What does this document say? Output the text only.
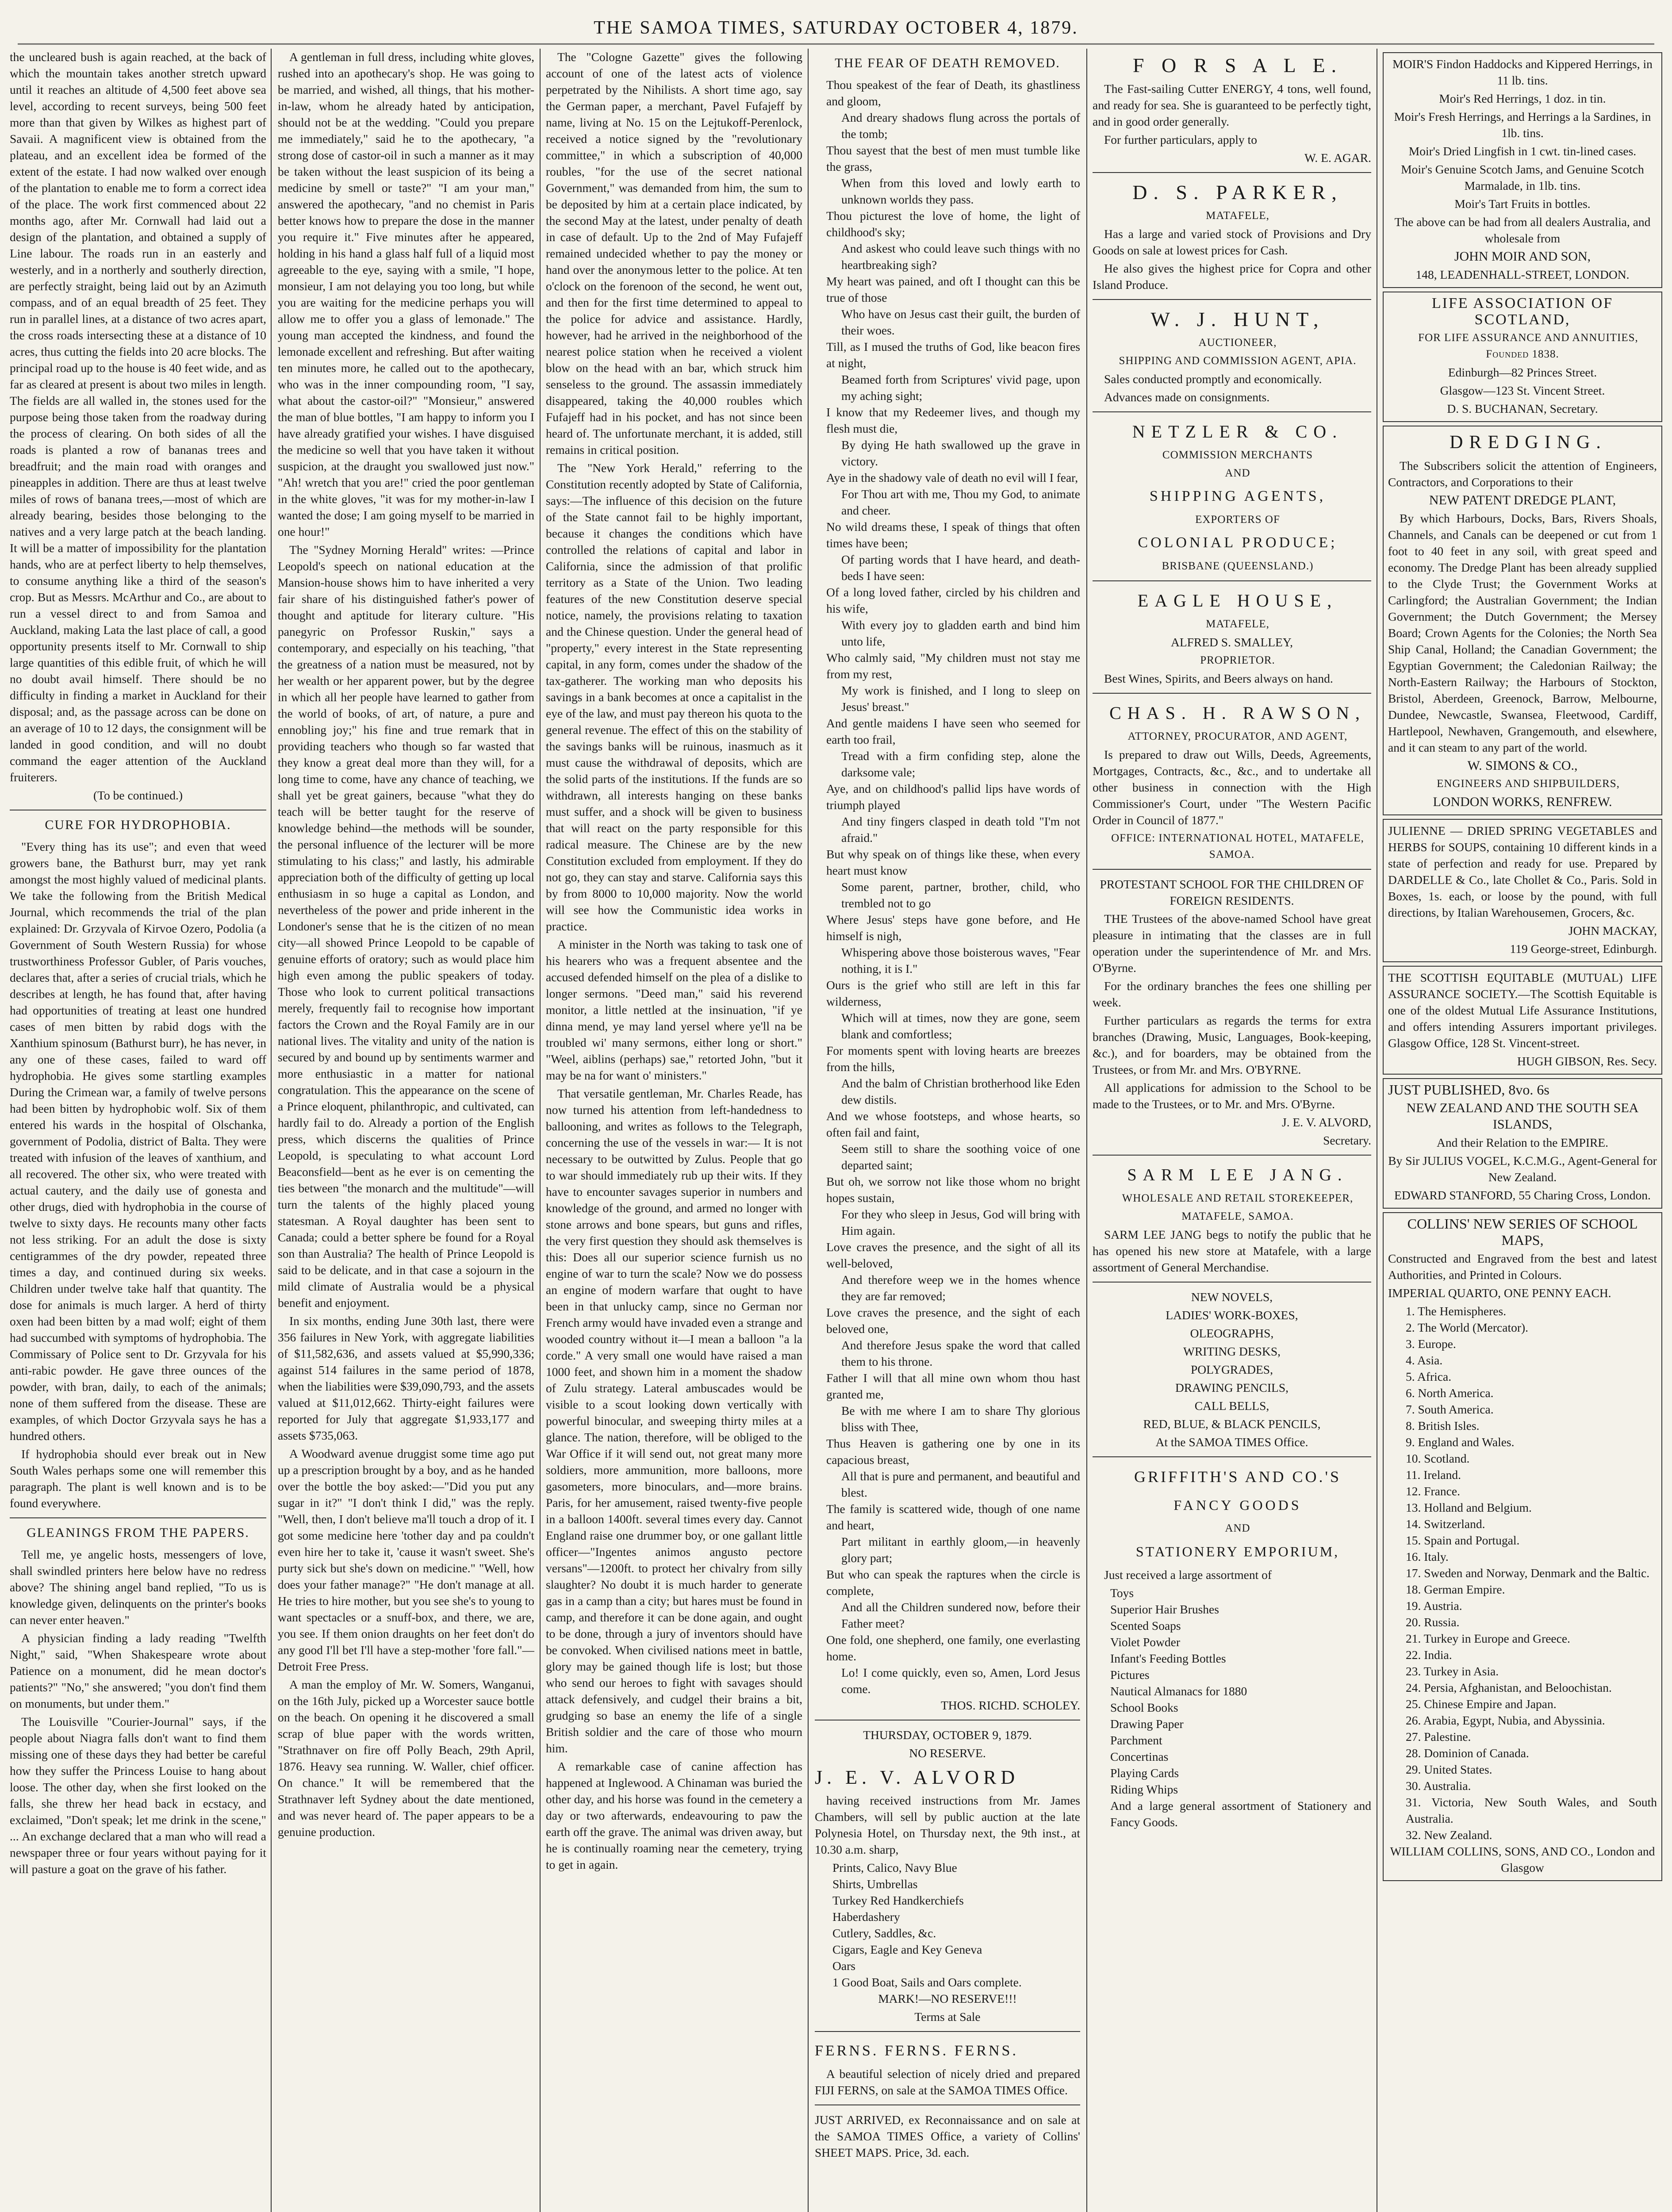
THE SAMOA TIMES, SATURDAY OCTOBER 4, 1879.

the uncleared bush is again reached, at the back of which the mountain takes another stretch upward until it reaches an altitude of 4,500 feet above sea level, according to recent surveys, being 500 feet more than that given by Wilkes as highest part of Savaii. A magnificent view is obtained from the plateau, and an excellent idea be formed of the extent of the estate. I had now walked over enough of the plantation to enable me to form a correct idea of the place. The work first commenced about 22 months ago, after Mr. Cornwall had laid out a design of the plantation, and obtained a supply of Line labour. The roads run in an easterly and westerly, and in a northerly and southerly direction, are perfectly straight, being laid out by an Azimuth compass, and of an equal breadth of 25 feet. They run in parallel lines, at a distance of two acres apart, the cross roads intersecting these at a distance of 10 acres, thus cutting the fields into 20 acre blocks. The principal road up to the house is 40 feet wide, and as far as cleared at present is about two miles in length. The fields are all walled in, the stones used for the purpose being those taken from the roadway during the process of clearing. On both sides of all the roads is planted a row of bananas trees and breadfruit; and the main road with oranges and pineapples in addition. There are thus at least twelve miles of rows of banana trees,—most of which are already bearing, besides those belonging to the natives and a very large patch at the beach landing. It will be a matter of impossibility for the plantation hands, who are at perfect liberty to help themselves, to consume anything like a third of the season's crop. But as Messrs. McArthur and Co., are about to run a vessel direct to and from Samoa and Auckland, making Lata the last place of call, a good opportunity presents itself to Mr. Cornwall to ship large quantities of this edible fruit, of which he will no doubt avail himself. There should be no difficulty in finding a market in Auckland for their disposal; and, as the passage across can be done on an average of 10 to 12 days, the consignment will be landed in good condition, and will no doubt command the eager attention of the Auckland fruiterers.

(To be continued.)

CURE FOR HYDROPHOBIA.

"Every thing has its use"; and even that weed growers bane, the Bathurst burr, may yet rank amongst the most highly valued of medicinal plants. We take the following from the British Medical Journal, which recommends the trial of the plan explained: Dr. Grzyvala of Kirvoe Ozero, Podolia (a Government of South Western Russia) for whose trustworthiness Professor Gubler, of Paris vouches, declares that, after a series of crucial trials, which he describes at length, he has found that, after having had opportunities of treating at least one hundred cases of men bitten by rabid dogs with the Xanthium spinosum (Bathurst burr), he has never, in any one of these cases, failed to ward off hydrophobia. He gives some startling examples During the Crimean war, a family of twelve persons had been bitten by hydrophobic wolf. Six of them entered his wards in the hospital of Olschanka, government of Podolia, district of Balta. They were treated with infusion of the leaves of xanthium, and all recovered. The other six, who were treated with actual cautery, and the daily use of gonesta and other drugs, died with hydrophobia in the course of twelve to sixty days. He recounts many other facts not less striking. For an adult the dose is sixty centigrammes of the dry powder, repeated three times a day, and continued during six weeks. Children under twelve take half that quantity. The dose for animals is much larger. A herd of thirty oxen had been bitten by a mad wolf; eight of them had succumbed with symptoms of hydrophobia. The Commissary of Police sent to Dr. Grzyvala for his anti-rabic powder. He gave three ounces of the powder, with bran, daily, to each of the animals; none of them suffered from the disease. These are examples, of which Doctor Grzyvala says he has a hundred others.

If hydrophobia should ever break out in New South Wales perhaps some one will remember this paragraph. The plant is well known and is to be found everywhere.

GLEANINGS FROM THE PAPERS.

Tell me, ye angelic hosts, messengers of love, shall swindled printers here below have no redress above? The shining angel band replied, "To us is knowledge given, delinquents on the printer's books can never enter heaven."

A physician finding a lady reading "Twelfth Night," said, "When Shakespeare wrote about Patience on a monument, did he mean doctor's patients?" "No," she answered; "you don't find them on monuments, but under them."

The Louisville "Courier-Journal" says, if the people about Niagra falls don't want to find them missing one of these days they had better be careful how they suffer the Princess Louise to hang about loose. The other day, when she first looked on the falls, she threw her head back in ecstacy, and exclaimed, "Don't speak; let me drink in the scene," ... An exchange declared that a man who will read a newspaper three or four years without paying for it will pasture a goat on the grave of his father.

A gentleman in full dress, including white gloves, rushed into an apothecary's shop. He was going to be married, and wished, all things, that his mother-in-law, whom he already hated by anticipation, should not be at the wedding. "Could you prepare me immediately," said he to the apothecary, "a strong dose of castor-oil in such a manner as it may be taken without the least suspicion of its being a medicine by smell or taste?" "I am your man," answered the apothecary, "and no chemist in Paris better knows how to prepare the dose in the manner you require it." Five minutes after he appeared, holding in his hand a glass half full of a liquid most agreeable to the eye, saying with a smile, "I hope, monsieur, I am not delaying you too long, but while you are waiting for the medicine perhaps you will allow me to offer you a glass of lemonade." The young man accepted the kindness, and found the lemonade excellent and refreshing. But after waiting ten minutes more, he called out to the apothecary, who was in the inner compounding room, "I say, what about the castor-oil?" "Monsieur," answered the man of blue bottles, "I am happy to inform you I have already gratified your wishes. I have disguised the medicine so well that you have taken it without suspicion, at the draught you swallowed just now." "Ah! wretch that you are!" cried the poor gentleman in the white gloves, "it was for my mother-in-law I wanted the dose; I am going myself to be married in one hour!"

The "Sydney Morning Herald" writes: —Prince Leopold's speech on national education at the Mansion-house shows him to have inherited a very fair share of his distinguished father's power of thought and aptitude for literary culture. "His panegyric on Professor Ruskin," says a contemporary, and especially on his teaching, "that the greatness of a nation must be measured, not by her wealth or her apparent power, but by the degree in which all her people have learned to gather from the world of books, of art, of nature, a pure and ennobling joy;" his fine and true remark that in providing teachers who though so far wasted that they know a great deal more than they will, for a long time to come, have any chance of teaching, we shall yet be great gainers, because "what they do teach will be better taught for the reserve of knowledge behind—the methods will be sounder, the personal influence of the lecturer will be more stimulating to his class;" and lastly, his admirable appreciation both of the difficulty of getting up local enthusiasm in so huge a capital as London, and nevertheless of the power and pride inherent in the Londoner's sense that he is the citizen of no mean city—all showed Prince Leopold to be capable of genuine efforts of oratory; such as would place him high even among the public speakers of today. Those who look to current political transactions merely, frequently fail to recognise how important factors the Crown and the Royal Family are in our national lives. The vitality and unity of the nation is secured by and bound up by sentiments warmer and more enthusiastic in a matter for national congratulation. This the appearance on the scene of a Prince eloquent, philanthropic, and cultivated, can hardly fail to do. Already a portion of the English press, which discerns the qualities of Prince Leopold, is speculating to what account Lord Beaconsfield—bent as he ever is on cementing the ties between "the monarch and the multitude"—will turn the talents of the highly placed young statesman. A Royal daughter has been sent to Canada; could a better sphere be found for a Royal son than Australia? The health of Prince Leopold is said to be delicate, and in that case a sojourn in the mild climate of Australia would be a physical benefit and enjoyment.

In six months, ending June 30th last, there were 356 failures in New York, with aggregate liabilities of $11,582,636, and assets valued at $5,990,336; against 514 failures in the same period of 1878, when the liabilities were $39,090,793, and the assets valued at $11,012,662. Thirty-eight failures were reported for July that aggregate $1,933,177 and assets $735,063.

A Woodward avenue druggist some time ago put up a prescription brought by a boy, and as he handed over the bottle the boy asked:—"Did you put any sugar in it?" "I don't think I did," was the reply. "Well, then, I don't believe ma'll touch a drop of it. I got some medicine here 'tother day and pa couldn't even hire her to take it, 'cause it wasn't sweet. She's purty sick but she's down on medicine." "Well, how does your father manage?" "He don't manage at all. He tries to hire mother, but you see she's to young to want spectacles or a snuff-box, and there, we are, you see. If them onion draughts on her feet don't do any good I'll bet I'll have a step-mother 'fore fall."—Detroit Free Press.

A man the employ of Mr. W. Somers, Wanganui, on the 16th July, picked up a Worcester sauce bottle on the beach. On opening it he discovered a small scrap of blue paper with the words written, "Strathnaver on fire off Polly Beach, 29th April, 1876. Heavy sea running. W. Waller, chief officer. On chance." It will be remembered that the Strathnaver left Sydney about the date mentioned, and was never heard of. The paper appears to be a genuine production.

The "Cologne Gazette" gives the following account of one of the latest acts of violence perpetrated by the Nihilists. A short time ago, say the German paper, a merchant, Pavel Fufajeff by name, living at No. 15 on the Lejtukoff-Perenlock, received a notice signed by the "revolutionary committee," in which a subscription of 40,000 roubles, "for the use of the secret national Government," was demanded from him, the sum to be deposited by him at a certain place indicated, by the second May at the latest, under penalty of death in case of default. Up to the 2nd of May Fufajeff remained undecided whether to pay the money or hand over the anonymous letter to the police. At ten o'clock on the forenoon of the second, he went out, and then for the first time determined to appeal to the police for advice and assistance. Hardly, however, had he arrived in the neighborhood of the nearest police station when he received a violent blow on the head with an bar, which struck him senseless to the ground. The assassin immediately disappeared, taking the 40,000 roubles which Fufajeff had in his pocket, and has not since been heard of. The unfortunate merchant, it is added, still remains in critical position.

The "New York Herald," referring to the Constitution recently adopted by State of California, says:—The influence of this decision on the future of the State cannot fail to be highly important, because it changes the conditions which have controlled the relations of capital and labor in California, since the admission of that prolific territory as a State of the Union. Two leading features of the new Constitution deserve special notice, namely, the provisions relating to taxation and the Chinese question. Under the general head of "property," every interest in the State representing capital, in any form, comes under the shadow of the tax-gatherer. The working man who deposits his savings in a bank becomes at once a capitalist in the eye of the law, and must pay thereon his quota to the general revenue. The effect of this on the stability of the savings banks will be ruinous, inasmuch as it must cause the withdrawal of deposits, which are the solid parts of the institutions. If the funds are so withdrawn, all interests hanging on these banks must suffer, and a shock will be given to business that will react on the party responsible for this radical measure. The Chinese are by the new Constitution excluded from employment. If they do not go, they can stay and starve. California says this by from 8000 to 10,000 majority. Now the world will see how the Communistic idea works in practice.

A minister in the North was taking to task one of his hearers who was a frequent absentee and the accused defended himself on the plea of a dislike to longer sermons. "Deed man," said his reverend monitor, a little nettled at the insinuation, "if ye dinna mend, ye may land yersel where ye'll na be troubled wi' many sermons, either long or short." "Weel, aiblins (perhaps) sae," retorted John, "but it may be na for want o' ministers."

That versatile gentleman, Mr. Charles Reade, has now turned his attention from left-handedness to ballooning, and writes as follows to the Telegraph, concerning the use of the vessels in war:— It is not necessary to be outwitted by Zulus. People that go to war should immediately rub up their wits. If they have to encounter savages superior in numbers and knowledge of the ground, and armed no longer with stone arrows and bone spears, but guns and rifles, the very first question they should ask themselves is this: Does all our superior science furnish us no engine of war to turn the scale? Now we do possess an engine of modern warfare that ought to have been in that unlucky camp, since no German nor French army would have invaded even a strange and wooded country without it—I mean a balloon "a la corde." A very small one would have raised a man 1000 feet, and shown him in a moment the shadow of Zulu strategy. Lateral ambuscades would be visible to a scout looking down vertically with powerful binocular, and sweeping thirty miles at a glance. The nation, therefore, will be obliged to the War Office if it will send out, not great many more soldiers, more ammunition, more balloons, more gasometers, more binoculars, and—more brains. Paris, for her amusement, raised twenty-five people in a balloon 1400ft. several times every day. Cannot England raise one drummer boy, or one gallant little officer—"Ingentes animos angusto pectore versans"—1200ft. to protect her chivalry from silly slaughter? No doubt it is much harder to generate gas in a camp than a city; but hares must be found in camp, and therefore it can be done again, and ought to be done, through a jury of inventors should have be convoked. When civilised nations meet in battle, glory may be gained though life is lost; but those who send our heroes to fight with savages should attack defensively, and cudgel their brains a bit, grudging so base an enemy the life of a single British soldier and the care of those who mourn him.

A remarkable case of canine affection has happened at Inglewood. A Chinaman was buried the other day, and his horse was found in the cemetery a day or two afterwards, endeavouring to paw the earth off the grave. The animal was driven away, but he is continually roaming near the cemetery, trying to get in again.

THE FEAR OF DEATH REMOVED.

Thou speakest of the fear of Death, its ghastliness and gloom,

And dreary shadows flung across the portals of the tomb;

Thou sayest that the best of men must tumble like the grass,

When from this loved and lowly earth to unknown worlds they pass.

Thou picturest the love of home, the light of childhood's sky;

And askest who could leave such things with no heartbreaking sigh?

My heart was pained, and oft I thought can this be true of those

Who have on Jesus cast their guilt, the burden of their woes.

Till, as I mused the truths of God, like beacon fires at night,

Beamed forth from Scriptures' vivid page, upon my aching sight;

I know that my Redeemer lives, and though my flesh must die,

By dying He hath swallowed up the grave in victory.

Aye in the shadowy vale of death no evil will I fear,

For Thou art with me, Thou my God, to animate and cheer.

No wild dreams these, I speak of things that often times have been;

Of parting words that I have heard, and death-beds I have seen:

Of a long loved father, circled by his children and his wife,

With every joy to gladden earth and bind him unto life,

Who calmly said, "My children must not stay me from my rest,

My work is finished, and I long to sleep on Jesus' breast."

And gentle maidens I have seen who seemed for earth too frail,

Tread with a firm confiding step, alone the darksome vale;

Aye, and on childhood's pallid lips have words of triumph played

And tiny fingers clasped in death told "I'm not afraid."

But why speak on of things like these, when every heart must know

Some parent, partner, brother, child, who trembled not to go

Where Jesus' steps have gone before, and He himself is nigh,

Whispering above those boisterous waves, "Fear nothing, it is I."

Ours is the grief who still are left in this far wilderness,

Which will at times, now they are gone, seem blank and comfortless;

For moments spent with loving hearts are breezes from the hills,

And the balm of Christian brotherhood like Eden dew distils.

And we whose footsteps, and whose hearts, so often fail and faint,

Seem still to share the soothing voice of one departed saint;

But oh, we sorrow not like those whom no bright hopes sustain,

For they who sleep in Jesus, God will bring with Him again.

Love craves the presence, and the sight of all its well-beloved,

And therefore weep we in the homes whence they are far removed;

Love craves the presence, and the sight of each beloved one,

And therefore Jesus spake the word that called them to his throne.

Father I will that all mine own whom thou hast granted me,

Be with me where I am to share Thy glorious bliss with Thee,

Thus Heaven is gathering one by one in its capacious breast,

All that is pure and permanent, and beautiful and blest.

The family is scattered wide, though of one name and heart,

Part militant in earthly gloom,—in heavenly glory part;

But who can speak the raptures when the circle is complete,

And all the Children sundered now, before their Father meet?

One fold, one shepherd, one family, one everlasting home.

Lo! I come quickly, even so, Amen, Lord Jesus come.

THOS. RICHD. SCHOLEY.

THURSDAY, OCTOBER 9, 1879.

NO RESERVE.

J. E. V. ALVORD

having received instructions from Mr. James Chambers, will sell by public auction at the late Polynesia Hotel, on Thursday next, the 9th inst., at 10.30 a.m. sharp,

Prints, Calico, Navy Blue

Shirts, Umbrellas

Turkey Red Handkerchiefs

Haberdashery

Cutlery, Saddles, &c.

Cigars, Eagle and Key Geneva

Oars

1 Good Boat, Sails and Oars complete.

MARK!—NO RESERVE!!!

Terms at Sale

FERNS. FERNS. FERNS.

A beautiful selection of nicely dried and prepared FIJI FERNS, on sale at the SAMOA TIMES Office.

JUST ARRIVED, ex Reconnaissance and on sale at the SAMOA TIMES Office, a variety of Collins' SHEET MAPS. Price, 3d. each.

F O R S A L E.

The Fast-sailing Cutter ENERGY, 4 tons, well found, and ready for sea. She is guaranteed to be perfectly tight, and in good order generally.

For further particulars, apply to

W. E. AGAR.

D. S. PARKER,

MATAFELE,

Has a large and varied stock of Provisions and Dry Goods on sale at lowest prices for Cash.

He also gives the highest price for Copra and other Island Produce.

W. J. HUNT,

AUCTIONEER,

SHIPPING AND COMMISSION AGENT, APIA.

Sales conducted promptly and economically.

Advances made on consignments.

NETZLER & CO.

COMMISSION MERCHANTS

AND

SHIPPING AGENTS,

EXPORTERS OF

COLONIAL PRODUCE;

BRISBANE (QUEENSLAND.)

EAGLE HOUSE,

MATAFELE,

ALFRED S. SMALLEY,

PROPRIETOR.

Best Wines, Spirits, and Beers always on hand.

CHAS. H. RAWSON,

ATTORNEY, PROCURATOR, AND AGENT,

Is prepared to draw out Wills, Deeds, Agreements, Mortgages, Contracts, &c., &c., and to undertake all other business in connection with the High Commissioner's Court, under "The Western Pacific Order in Council of 1877."

OFFICE: INTERNATIONAL HOTEL, MATAFELE, SAMOA.

PROTESTANT SCHOOL FOR THE CHILDREN OF FOREIGN RESIDENTS.

THE Trustees of the above-named School have great pleasure in intimating that the classes are in full operation under the superintendence of Mr. and Mrs. O'Byrne.

For the ordinary branches the fees one shilling per week.

Further particulars as regards the terms for extra branches (Drawing, Music, Languages, Book-keeping, &c.), and for boarders, may be obtained from the Trustees, or from Mr. and Mrs. O'BYRNE.

All applications for admission to the School to be made to the Trustees, or to Mr. and Mrs. O'Byrne.

J. E. V. ALVORD,

Secretary.

SARM LEE JANG.

WHOLESALE AND RETAIL STOREKEEPER,

MATAFELE, SAMOA.

SARM LEE JANG begs to notify the public that he has opened his new store at Matafele, with a large assortment of General Merchandise.

NEW NOVELS,

LADIES' WORK-BOXES,

OLEOGRAPHS,

WRITING DESKS,

POLYGRADES,

DRAWING PENCILS,

CALL BELLS,

RED, BLUE, & BLACK PENCILS,

At the SAMOA TIMES Office.

GRIFFITH'S AND CO.'S

FANCY GOODS

AND

STATIONERY EMPORIUM,

Just received a large assortment of

Toys

Superior Hair Brushes

Scented Soaps

Violet Powder

Infant's Feeding Bottles

Pictures

Nautical Almanacs for 1880

School Books

Drawing Paper

Parchment

Concertinas

Playing Cards

Riding Whips

And a large general assortment of Stationery and Fancy Goods.

MOIR'S Findon Haddocks and Kippered Herrings, in 11 lb. tins.

Moir's Red Herrings, 1 doz. in tin.

Moir's Fresh Herrings, and Herrings a la Sardines, in 1lb. tins.

Moir's Dried Lingfish in 1 cwt. tin-lined cases.

Moir's Genuine Scotch Jams, and Genuine Scotch Marmalade, in 1lb. tins.

Moir's Tart Fruits in bottles.

The above can be had from all dealers Australia, and wholesale from

JOHN MOIR AND SON,

148, LEADENHALL-STREET, LONDON.

LIFE ASSOCIATION OF SCOTLAND,

FOR LIFE ASSURANCE AND ANNUITIES, Founded 1838.

Edinburgh—82 Princes Street.

Glasgow—123 St. Vincent Street.

D. S. BUCHANAN, Secretary.

DREDGING.

The Subscribers solicit the attention of Engineers, Contractors, and Corporations to their

NEW PATENT DREDGE PLANT,

By which Harbours, Docks, Bars, Rivers Shoals, Channels, and Canals can be deepened or cut from 1 foot to 40 feet in any soil, with great speed and economy. The Dredge Plant has been already supplied to the Clyde Trust; the Government Works at Carlingford; the Australian Government; the Indian Government; the Dutch Government; the Mersey Board; Crown Agents for the Colonies; the North Sea Ship Canal, Holland; the Canadian Government; the Egyptian Government; the Caledonian Railway; the North-Eastern Railway; the Harbours of Stockton, Bristol, Aberdeen, Greenock, Barrow, Melbourne, Dundee, Newcastle, Swansea, Fleetwood, Cardiff, Hartlepool, Newhaven, Grangemouth, and elsewhere, and it can steam to any part of the world.

W. SIMONS & CO.,

ENGINEERS AND SHIPBUILDERS,

LONDON WORKS, RENFREW.

JULIENNE — DRIED SPRING VEGETABLES and HERBS for SOUPS, containing 10 different kinds in a state of perfection and ready for use. Prepared by DARDELLE & Co., late Chollet & Co., Paris. Sold in Boxes, 1s. each, or loose by the pound, with full directions, by Italian Warehousemen, Grocers, &c.

JOHN MACKAY,

119 George-street, Edinburgh.

THE SCOTTISH EQUITABLE (MUTUAL) LIFE ASSURANCE SOCIETY.—The Scottish Equitable is one of the oldest Mutual Life Assurance Institutions, and offers intending Assurers important privileges. Glasgow Office, 128 St. Vincent-street.

HUGH GIBSON, Res. Secy.

JUST PUBLISHED, 8vo. 6s

NEW ZEALAND AND THE SOUTH SEA ISLANDS,

And their Relation to the EMPIRE.

By Sir JULIUS VOGEL, K.C.M.G., Agent-General for New Zealand.

EDWARD STANFORD, 55 Charing Cross, London.

COLLINS' NEW SERIES OF SCHOOL MAPS,

Constructed and Engraved from the best and latest Authorities, and Printed in Colours.

IMPERIAL QUARTO, ONE PENNY EACH.

1. The Hemispheres.

2. The World (Mercator).

3. Europe.

4. Asia.

5. Africa.

6. North America.

7. South America.

8. British Isles.

9. England and Wales.

10. Scotland.

11. Ireland.

12. France.

13. Holland and Belgium.

14. Switzerland.

15. Spain and Portugal.

16. Italy.

17. Sweden and Norway, Denmark and the Baltic.

18. German Empire.

19. Austria.

20. Russia.

21. Turkey in Europe and Greece.

22. India.

23. Turkey in Asia.

24. Persia, Afghanistan, and Beloochistan.

25. Chinese Empire and Japan.

26. Arabia, Egypt, Nubia, and Abyssinia.

27. Palestine.

28. Dominion of Canada.

29. United States.

30. Australia.

31. Victoria, New South Wales, and South Australia.

32. New Zealand.

WILLIAM COLLINS, SONS, AND CO., London and Glasgow
